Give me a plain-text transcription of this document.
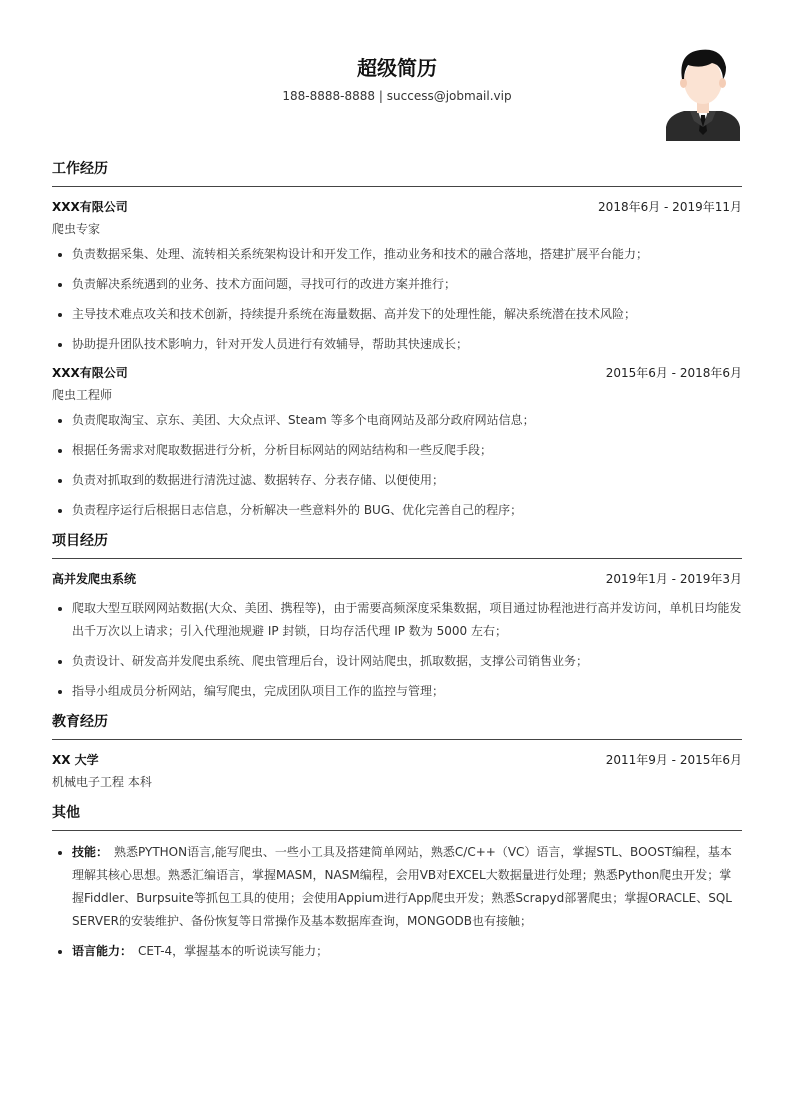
超级简历
188-8888-8888 | success@jobmail.vip
工作经历
XXX有限公司	2018年6月 - 2019年11月
爬虫专家
• 负责数据采集、处理、流转相关系统架构设计和开发工作，推动业务和技术的融合落地，搭建扩展平台能力；
• 负责解决系统遇到的业务、技术方面问题，寻找可行的改进方案并推行；
• 主导技术难点攻关和技术创新，持续提升系统在海量数据、高并发下的处理性能，解决系统潜在技术风险；
• 协助提升团队技术影响力，针对开发人员进行有效辅导，帮助其快速成长；
XXX有限公司	2015年6月 - 2018年6月
爬虫工程师
• 负责爬取淘宝、京东、美团、大众点评、Steam 等多个电商网站及部分政府网站信息；
• 根据任务需求对爬取数据进行分析，分析目标网站的网站结构和一些反爬手段；
• 负责对抓取到的数据进行清洗过滤、数据转存、分表存储、以便使用；
• 负责程序运行后根据日志信息，分析解决一些意料外的 BUG、优化完善自己的程序；
项目经历
高并发爬虫系统	2019年1月 - 2019年3月
• 爬取大型互联网网站数据(大众、美团、携程等)，由于需要高频深度采集数据，项目通过协程池进行高并发访问，单机日均能发出千万次以上请求；引入代理池规避 IP 封锁，日均存活代理 IP 数为 5000 左右；
• 负责设计、研发高并发爬虫系统、爬虫管理后台，设计网站爬虫，抓取数据，支撑公司销售业务；
• 指导小组成员分析网站，编写爬虫，完成团队项目工作的监控与管理；
教育经历
XX 大学	2011年9月 - 2015年6月
机械电子工程 本科
其他
• 技能： 熟悉PYTHON语言,能写爬虫、一些小工具及搭建简单网站，熟悉C/C++（VC）语言，掌握STL、BOOST编程，基本理解其核心思想。熟悉汇编语言，掌握MASM，NASM编程，会用VB对EXCEL大数据量进行处理；熟悉Python爬虫开发；掌握Fiddler、Burpsuite等抓包工具的使用；会使用Appium进行App爬虫开发；熟悉Scrapyd部署爬虫；掌握ORACLE、SQL SERVER的安装维护、备份恢复等日常操作及基本数据库查询，MONGODB也有接触；
• 语言能力： CET-4，掌握基本的听说读写能力；
